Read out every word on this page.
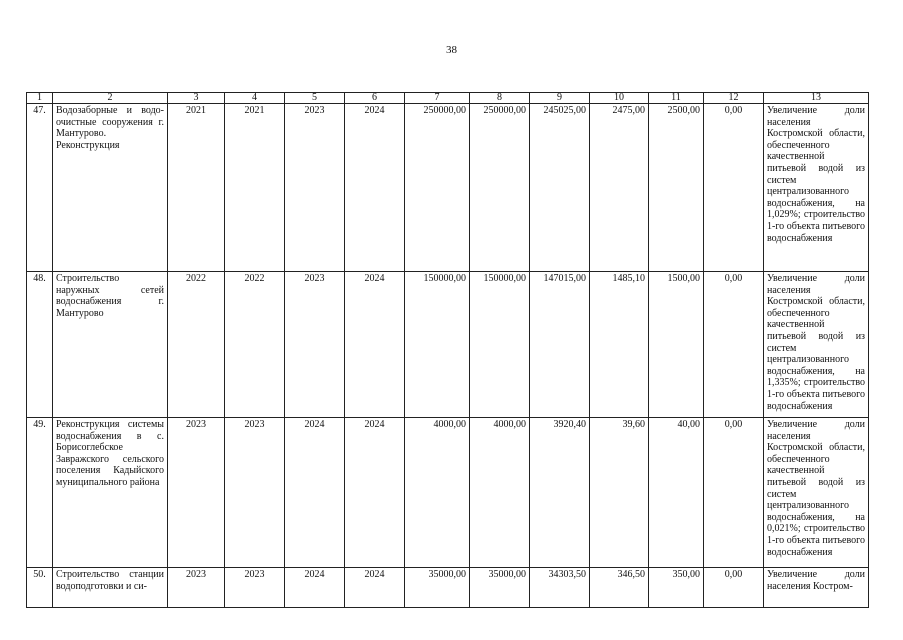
38
1	2	3	4	5	6	7	8	9	10	11	12	13
47.	Водозаборные и водо-очистные сооружения г. Мантурово. Реконструкция	2021	2021	2023	2024	250000,00	250000,00	245025,00	2475,00	2500,00	0,00	Увеличение доли населения Костромской области, обеспеченного качественной питьевой водой из систем централизованного водоснабжения, на 1,029%; строительство 1-го объекта питьевого водоснабжения
48.	Строительство наружных сетей водоснабжения г. Мантурово	2022	2022	2023	2024	150000,00	150000,00	147015,00	1485,10	1500,00	0,00	Увеличение доли населения Костромской области, обеспеченного качественной питьевой водой из систем централизованного водоснабжения, на 1,335%; строительство 1-го объекта питьевого водоснабжения
49.	Реконструкция системы водоснабжения в с. Борисоглебское Завражского сельского поселения Кадыйского муниципального района	2023	2023	2024	2024	4000,00	4000,00	3920,40	39,60	40,00	0,00	Увеличение доли населения Костромской области, обеспеченного качественной питьевой водой из систем централизованного водоснабжения, на 0,021%; строительство 1-го объекта питьевого водоснабжения
50.	Строительство станции водоподготовки и си-	2023	2023	2024	2024	35000,00	35000,00	34303,50	346,50	350,00	0,00	Увеличение доли населения Костром-
